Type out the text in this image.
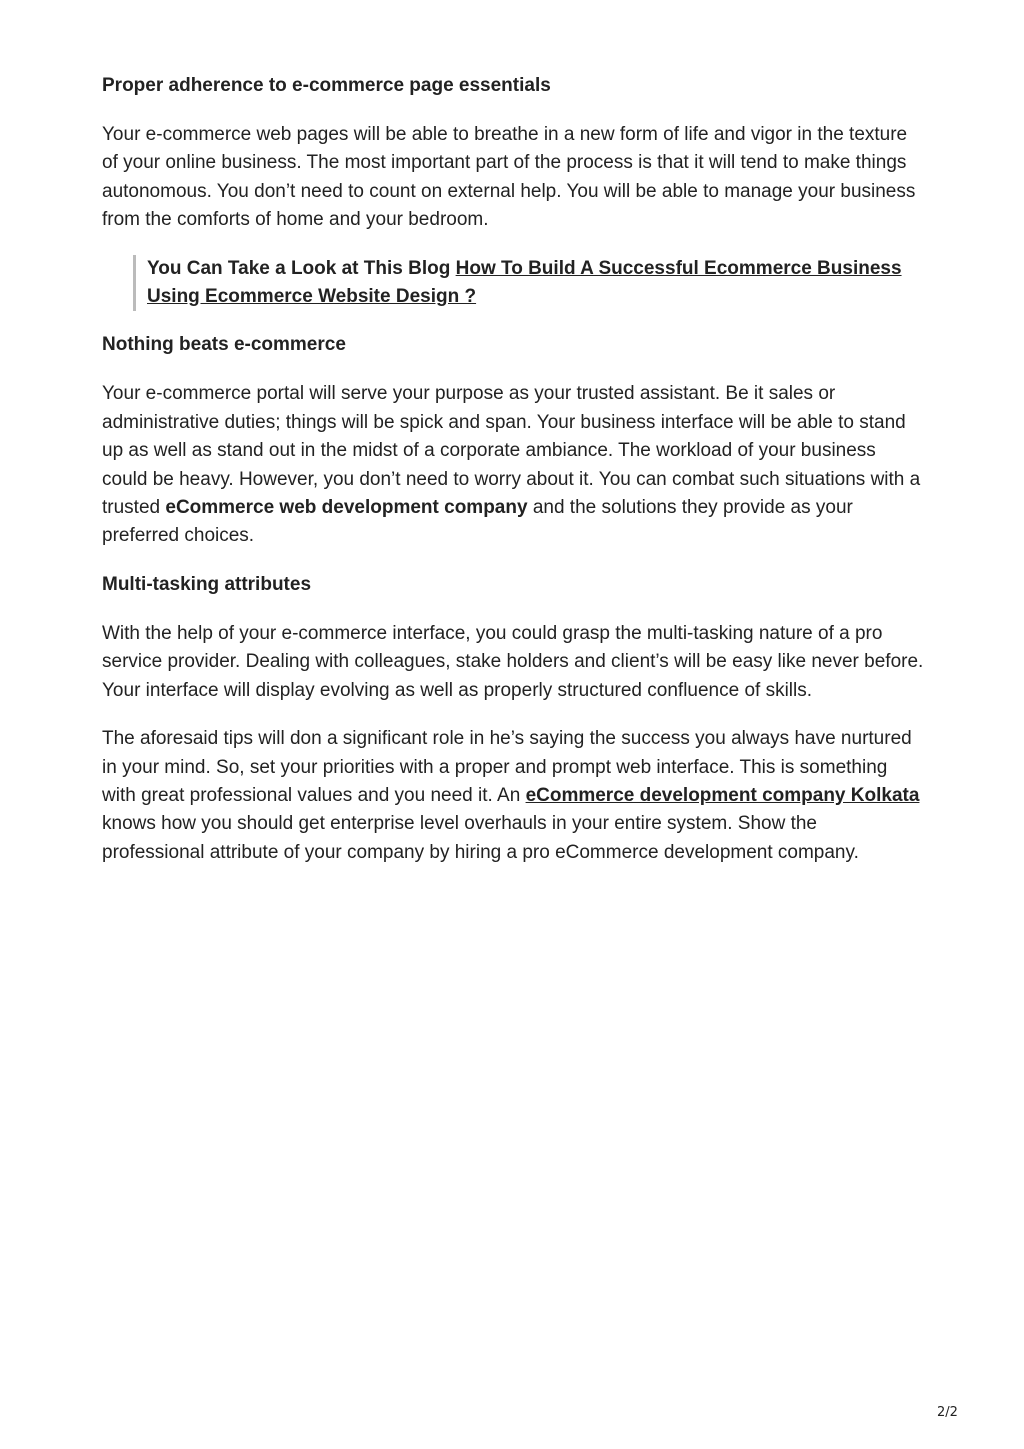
Proper adherence to e-commerce page essentials

Your e-commerce web pages will be able to breathe in a new form of life and vigor in the texture of your online business. The most important part of the process is that it will tend to make things autonomous. You don’t need to count on external help. You will be able to manage your business from the comforts of home and your bedroom.

You Can Take a Look at This Blog How To Build A Successful Ecommerce Business Using Ecommerce Website Design ?
Nothing beats e-commerce

Your e-commerce portal will serve your purpose as your trusted assistant. Be it sales or administrative duties; things will be spick and span. Your business interface will be able to stand up as well as stand out in the midst of a corporate ambiance. The workload of your business could be heavy. However, you don’t need to worry about it. You can combat such situations with a trusted eCommerce web development company and the solutions they provide as your preferred choices.

Multi-tasking attributes

With the help of your e-commerce interface, you could grasp the multi-tasking nature of a pro service provider. Dealing with colleagues, stake holders and client’s will be easy like never before. Your interface will display evolving as well as properly structured confluence of skills.

The aforesaid tips will don a significant role in he’s saying the success you always have nurtured in your mind. So, set your priorities with a proper and prompt web interface. This is something with great professional values and you need it. An eCommerce development company Kolkata knows how you should get enterprise level overhauls in your entire system. Show the professional attribute of your company by hiring a pro eCommerce development company.

2/2
